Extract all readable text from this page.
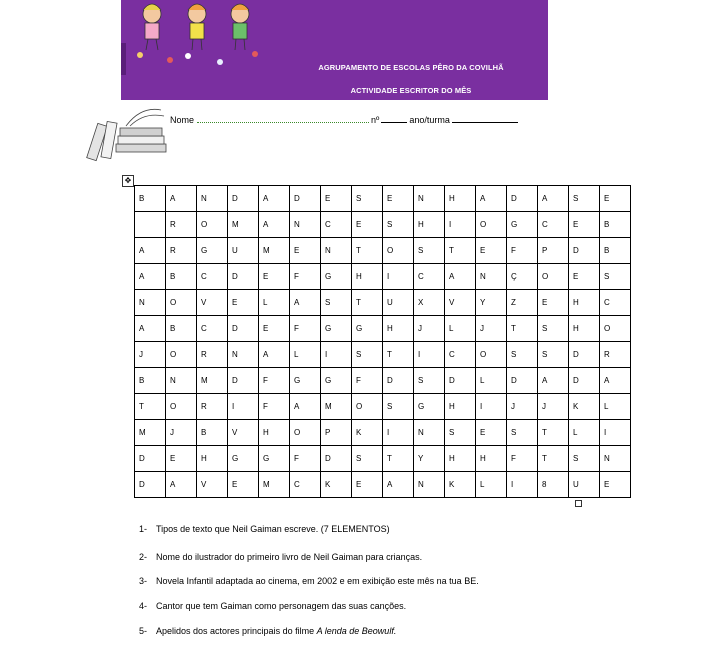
AGRUPAMENTO DE ESCOLAS PÊRO DA COVILHÃ
ACTIVIDADE ESCRITOR DO MÊS
Nome	nº	ano/turma
✥
B	A	N	D	A	D	E	S	E	N	H	A	D	A	S	E
	R	O	M	A	N	C	E	S	H	I	O	G	C	E	B
A	R	G	U	M	E	N	T	O	S	T	E	F	P	D	B
A	B	C	D	E	F	G	H	I	C	A	N	Ç	O	E	S
N	O	V	E	L	A	S	T	U	X	V	Y	Z	E	H	C
A	B	C	D	E	F	G	G	H	J	L	J	T	S	H	O
J	O	R	N	A	L	I	S	T	I	C	O	S	S	D	R
B	N	M	D	F	G	G	F	D	S	D	L	D	A	D	A
T	O	R	I	F	A	M	O	S	G	H	I	J	J	K	L
M	J	B	V	H	O	P	K	I	N	S	E	S	T	L	I
D	E	H	G	G	F	D	S	T	Y	H	H	F	T	S	N
D	A	V	E	M	C	K	E	A	N	K	L	I	8	U	E
1- Tipos de texto que Neil Gaiman escreve. (7 ELEMENTOS)
2- Nome do ilustrador do primeiro livro de Neil Gaiman para crianças.
3- Novela Infantil adaptada ao cinema, em 2002 e em exibição este mês na tua BE.
4- Cantor que tem Gaiman como personagem das suas canções.
5- Apelidos dos actores principais do filme A lenda de Beowulf.
